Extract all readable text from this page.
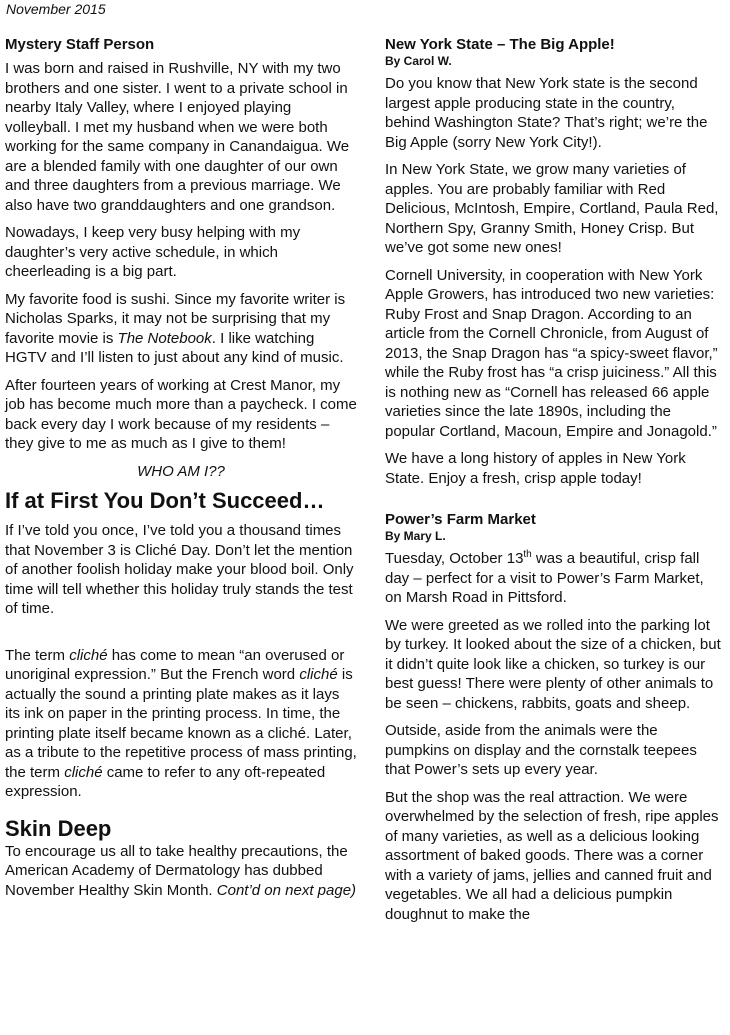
November 2015
Mystery Staff Person

I was born and raised in Rushville, NY with my two brothers and one sister. I went to a private school in nearby Italy Valley, where I enjoyed playing volleyball. I met my husband when we were both working for the same company in Canandaigua. We are a blended family with one daughter of our own and three daughters from a previous marriage. We also have two granddaughters and one grandson.

Nowadays, I keep very busy helping with my daughter’s very active schedule, in which cheerleading is a big part.

My favorite food is sushi. Since my favorite writer is Nicholas Sparks, it may not be surprising that my favorite movie is The Notebook. I like watching HGTV and I’ll listen to just about any kind of music.

After fourteen years of working at Crest Manor, my job has become much more than a paycheck. I come back every day I work because of my residents – they give to me as much as I give to them!

WHO AM I??

If at First You Don’t Succeed…

If I’ve told you once, I’ve told you a thousand times that November 3 is Cliché Day. Don’t let the mention of another foolish holiday make your blood boil. Only time will tell whether this holiday truly stands the test of time.

The term cliché has come to mean “an overused or unoriginal expression.” But the French word cliché is actually the sound a printing plate makes as it lays its ink on paper in the printing process. In time, the printing plate itself became known as a cliché. Later, as a tribute to the repetitive process of mass printing, the term cliché came to refer to any oft-repeated expression.

Skin Deep

To encourage us all to take healthy precautions, the American Academy of Dermatology has dubbed November Healthy Skin Month. Cont’d on next page)

New York State – The Big Apple!
By Carol W.

Do you know that New York state is the second largest apple producing state in the country, behind Washington State? That’s right; we’re the Big Apple (sorry New York City!).

In New York State, we grow many varieties of apples. You are probably familiar with Red Delicious, McIntosh, Empire, Cortland, Paula Red, Northern Spy, Granny Smith, Honey Crisp. But we’ve got some new ones!

Cornell University, in cooperation with New York Apple Growers, has introduced two new varieties: Ruby Frost and Snap Dragon. According to an article from the Cornell Chronicle, from August of 2013, the Snap Dragon has “a spicy-sweet flavor,” while the Ruby frost has “a crisp juiciness.” All this is nothing new as “Cornell has released 66 apple varieties since the late 1890s, including the popular Cortland, Macoun, Empire and Jonagold.”

We have a long history of apples in New York State. Enjoy a fresh, crisp apple today!

Power’s Farm Market
By Mary L.

Tuesday, October 13th was a beautiful, crisp fall day – perfect for a visit to Power’s Farm Market, on Marsh Road in Pittsford.

We were greeted as we rolled into the parking lot by turkey. It looked about the size of a chicken, but it didn’t quite look like a chicken, so turkey is our best guess! There were plenty of other animals to be seen – chickens, rabbits, goats and sheep.

Outside, aside from the animals were the pumpkins on display and the cornstalk teepees that Power’s sets up every year.

But the shop was the real attraction. We were overwhelmed by the selection of fresh, ripe apples of many varieties, as well as a delicious looking assortment of baked goods. There was a corner with a variety of jams, jellies and canned fruit and vegetables. We all had a delicious pumpkin doughnut to make the
